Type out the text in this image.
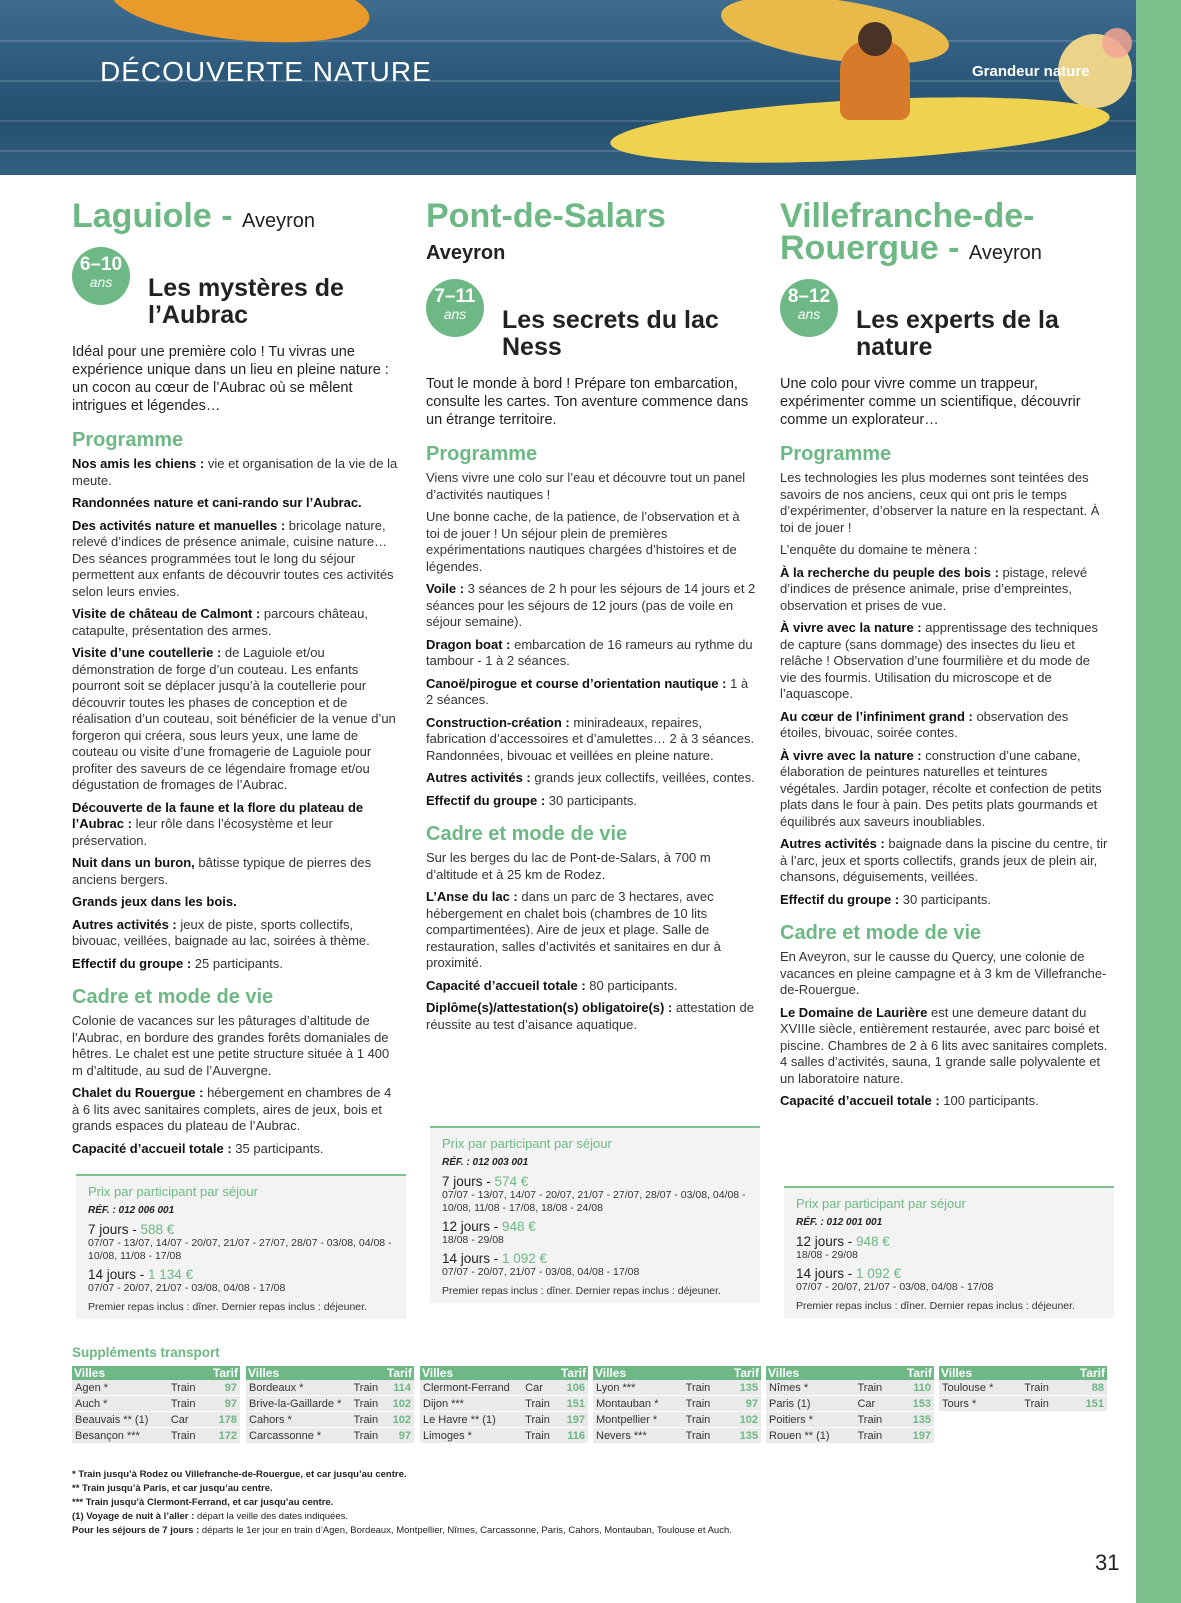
DÉCOUVERTE NATURE	Grandeur nature
Laguiole - Aveyron
6–10
ans	Les mystères de l’Aubrac
Idéal pour une première colo ! Tu vivras une expérience unique dans un lieu en pleine nature : un cocon au cœur de l’Aubrac où se mêlent intrigues et légendes…
Programme

Nos amis les chiens : vie et organisation de la vie de la meute.

Randonnées nature et cani-rando sur l’Aubrac.

Des activités nature et manuelles : bricolage nature, relevé d’indices de présence animale, cuisine nature… Des séances programmées tout le long du séjour permettent aux enfants de découvrir toutes ces activités selon leurs envies.

Visite de château de Calmont : parcours château, catapulte, présentation des armes.

Visite d’une coutellerie : de Laguiole et/ou démonstration de forge d’un couteau. Les enfants pourront soit se déplacer jusqu’à la coutellerie pour découvrir toutes les phases de conception et de réalisation d’un couteau, soit bénéficier de la venue d’un forgeron qui créera, sous leurs yeux, une lame de couteau ou visite d’une fromagerie de Laguiole pour profiter des saveurs de ce légendaire fromage et/ou dégustation de fromages de l’Aubrac.

Découverte de la faune et la flore du plateau de l’Aubrac : leur rôle dans l’écosystème et leur préservation.

Nuit dans un buron, bâtisse typique de pierres des anciens bergers.

Grands jeux dans les bois.

Autres activités : jeux de piste, sports collectifs, bivouac, veillées, baignade au lac, soirées à thème.

Effectif du groupe : 25 participants.

Cadre et mode de vie

Colonie de vacances sur les pâturages d’altitude de l’Aubrac, en bordure des grandes forêts domaniales de hêtres. Le chalet est une petite structure située à 1 400 m d’altitude, au sud de l’Auvergne.

Chalet du Rouergue : hébergement en chambres de 4 à 6 lits avec sanitaires complets, aires de jeux, bois et grands espaces du plateau de l’Aubrac.

Capacité d’accueil totale : 35 participants.

Pont-de-Salars
Aveyron
7–11
ans	Les secrets du lac Ness
Tout le monde à bord ! Prépare ton embarcation, consulte les cartes. Ton aventure commence dans un étrange territoire.
Programme

Viens vivre une colo sur l’eau et découvre tout un panel d’activités nautiques !

Une bonne cache, de la patience, de l’observation et à toi de jouer ! Un séjour plein de premières expérimentations nautiques chargées d’histoires et de légendes.

Voile : 3 séances de 2 h pour les séjours de 14 jours et 2 séances pour les séjours de 12 jours (pas de voile en séjour semaine).

Dragon boat : embarcation de 16 rameurs au rythme du tambour - 1 à 2 séances.

Canoë/pirogue et course d’orientation nautique : 1 à 2 séances.

Construction-création : miniradeaux, repaires, fabrication d’accessoires et d’amulettes… 2 à 3 séances. Randonnées, bivouac et veillées en pleine nature.

Autres activités : grands jeux collectifs, veillées, contes.

Effectif du groupe : 30 participants.

Cadre et mode de vie

Sur les berges du lac de Pont-de-Salars, à 700 m d’altitude et à 25 km de Rodez.

L’Anse du lac : dans un parc de 3 hectares, avec hébergement en chalet bois (chambres de 10 lits compartimentées). Aire de jeux et plage. Salle de restauration, salles d’activités et sanitaires en dur à proximité.

Capacité d’accueil totale : 80 participants.

Diplôme(s)/attestation(s) obligatoire(s) : attestation de réussite au test d’aisance aquatique.

Villefranche-de-
Rouergue - Aveyron
8–12
ans	Les experts de la nature
Une colo pour vivre comme un trappeur, expérimenter comme un scientifique, découvrir comme un explorateur…
Programme

Les technologies les plus modernes sont teintées des savoirs de nos anciens, ceux qui ont pris le temps d’expérimenter, d’observer la nature en la respectant. À toi de jouer !

L’enquête du domaine te mènera :

À la recherche du peuple des bois : pistage, relevé d’indices de présence animale, prise d’empreintes, observation et prises de vue.

À vivre avec la nature : apprentissage des techniques de capture (sans dommage) des insectes du lieu et relâche ! Observation d’une fourmilière et du mode de vie des fourmis. Utilisation du microscope et de l’aquascope.

Au cœur de l’infiniment grand : observation des étoiles, bivouac, soirée contes.

À vivre avec la nature : construction d’une cabane, élaboration de peintures naturelles et teintures végétales. Jardin potager, récolte et confection de petits plats dans le four à pain. Des petits plats gourmands et équilibrés aux saveurs inoubliables.

Autres activités : baignade dans la piscine du centre, tir à l’arc, jeux et sports collectifs, grands jeux de plein air, chansons, déguisements, veillées.

Effectif du groupe : 30 participants.

Cadre et mode de vie

En Aveyron, sur le causse du Quercy, une colonie de vacances en pleine campagne et à 3 km de Villefranche-de-Rouergue.

Le Domaine de Laurière est une demeure datant du XVIIIe siècle, entièrement restaurée, avec parc boisé et piscine. Chambres de 2 à 6 lits avec sanitaires complets. 4 salles d’activités, sauna, 1 grande salle polyvalente et un laboratoire nature.

Capacité d’accueil totale : 100 participants.

Suppléments transport
Villes		Tarif
Agen *	Train	97
Auch *	Train	97
Beauvais ** (1)	Car	178
Besançon ***	Train	172
Villes		Tarif
Bordeaux *	Train	114
Brive-la-Gaillarde *	Train	102
Cahors *	Train	102
Carcassonne *	Train	97
Villes		Tarif
Clermont-Ferrand	Car	106
Dijon ***	Train	151
Le Havre ** (1)	Train	197
Limoges *	Train	116
Villes		Tarif
Lyon ***	Train	135
Montauban *	Train	97
Montpellier *	Train	102
Nevers ***	Train	135
Villes		Tarif
Nîmes *	Train	110
Paris (1)	Car	153
Poitiers *	Train	135
Rouen ** (1)	Train	197
Villes		Tarif
Toulouse *	Train	88
Tours *	Train	151
* Train jusqu’à Rodez ou Villefranche-de-Rouergue, et car jusqu’au centre.
** Train jusqu’à Paris, et car jusqu’au centre.
*** Train jusqu’à Clermont-Ferrand, et car jusqu’au centre.
(1) Voyage de nuit à l’aller : départ la veille des dates indiquées.
Pour les séjours de 7 jours : départs le 1er jour en train d’Agen, Bordeaux, Montpellier, Nîmes, Carcassonne, Paris, Cahors, Montauban, Toulouse et Auch.
31
Prix par participant par séjour
RÉF. : 012 006 001
7 jours - 588 €
07/07 - 13/07, 14/07 - 20/07, 21/07 - 27/07, 28/07 - 03/08, 04/08 - 10/08, 11/08 - 17/08
14 jours - 1 134 €
07/07 - 20/07, 21/07 - 03/08, 04/08 - 17/08
Premier repas inclus : dîner. Dernier repas inclus : déjeuner.
Prix par participant par séjour
RÉF. : 012 003 001
7 jours - 574 €
07/07 - 13/07, 14/07 - 20/07, 21/07 - 27/07, 28/07 - 03/08, 04/08 - 10/08, 11/08 - 17/08, 18/08 - 24/08
12 jours - 948 €
18/08 - 29/08
14 jours - 1 092 €
07/07 - 20/07, 21/07 - 03/08, 04/08 - 17/08
Premier repas inclus : dîner. Dernier repas inclus : déjeuner.
Prix par participant par séjour
RÉF. : 012 001 001
12 jours - 948 €
18/08 - 29/08
14 jours - 1 092 €
07/07 - 20/07, 21/07 - 03/08, 04/08 - 17/08
Premier repas inclus : dîner. Dernier repas inclus : déjeuner.
